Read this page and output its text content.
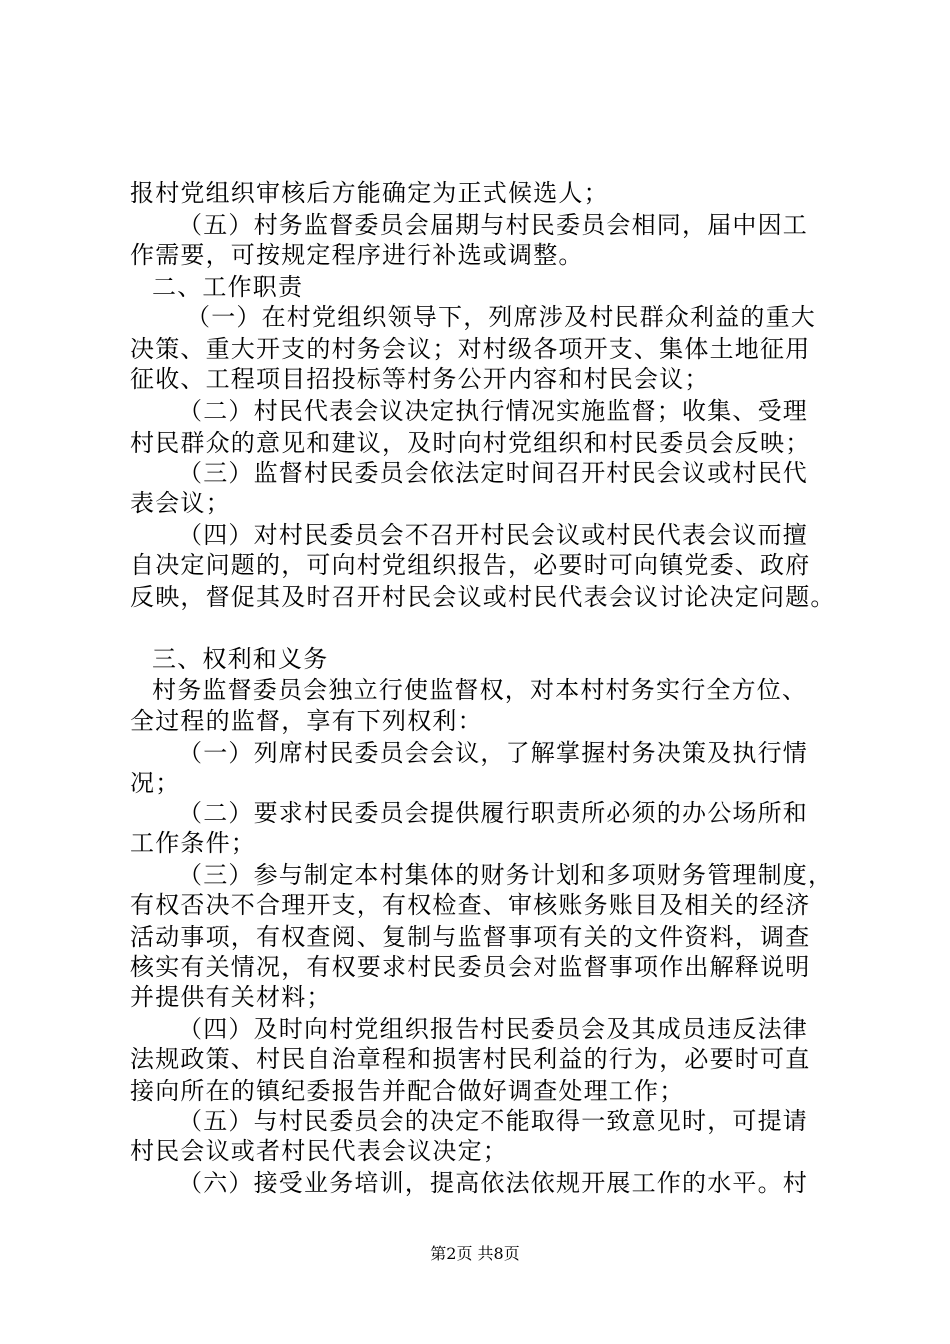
报村党组织审核后方能确定为正式候选人；
（五）村务监督委员会届期与村民委员会相同，届中因工
作需要，可按规定程序进行补选或调整。
二、工作职责
（一）在村党组织领导下，列席涉及村民群众利益的重大
决策、重大开支的村务会议；对村级各项开支、集体土地征用
征收、工程项目招投标等村务公开内容和村民会议；
（二）村民代表会议决定执行情况实施监督；收集、受理
村民群众的意见和建议，及时向村党组织和村民委员会反映；
（三）监督村民委员会依法定时间召开村民会议或村民代
表会议；
（四）对村民委员会不召开村民会议或村民代表会议而擅
自决定问题的，可向村党组织报告，必要时可向镇党委、政府
反映，督促其及时召开村民会议或村民代表会议讨论决定问题。
三、权利和义务
村务监督委员会独立行使监督权，对本村村务实行全方位、
全过程的监督，享有下列权利：
（一）列席村民委员会会议，了解掌握村务决策及执行情
况；
（二）要求村民委员会提供履行职责所必须的办公场所和
工作条件；
（三）参与制定本村集体的财务计划和多项财务管理制度，
有权否决不合理开支，有权检查、审核账务账目及相关的经济
活动事项，有权查阅、复制与监督事项有关的文件资料，调查
核实有关情况，有权要求村民委员会对监督事项作出解释说明
并提供有关材料；
（四）及时向村党组织报告村民委员会及其成员违反法律
法规政策、村民自治章程和损害村民利益的行为，必要时可直
接向所在的镇纪委报告并配合做好调查处理工作；
（五）与村民委员会的决定不能取得一致意见时，可提请
村民会议或者村民代表会议决定；
（六）接受业务培训，提高依法依规开展工作的水平。村
第2页 共8页
